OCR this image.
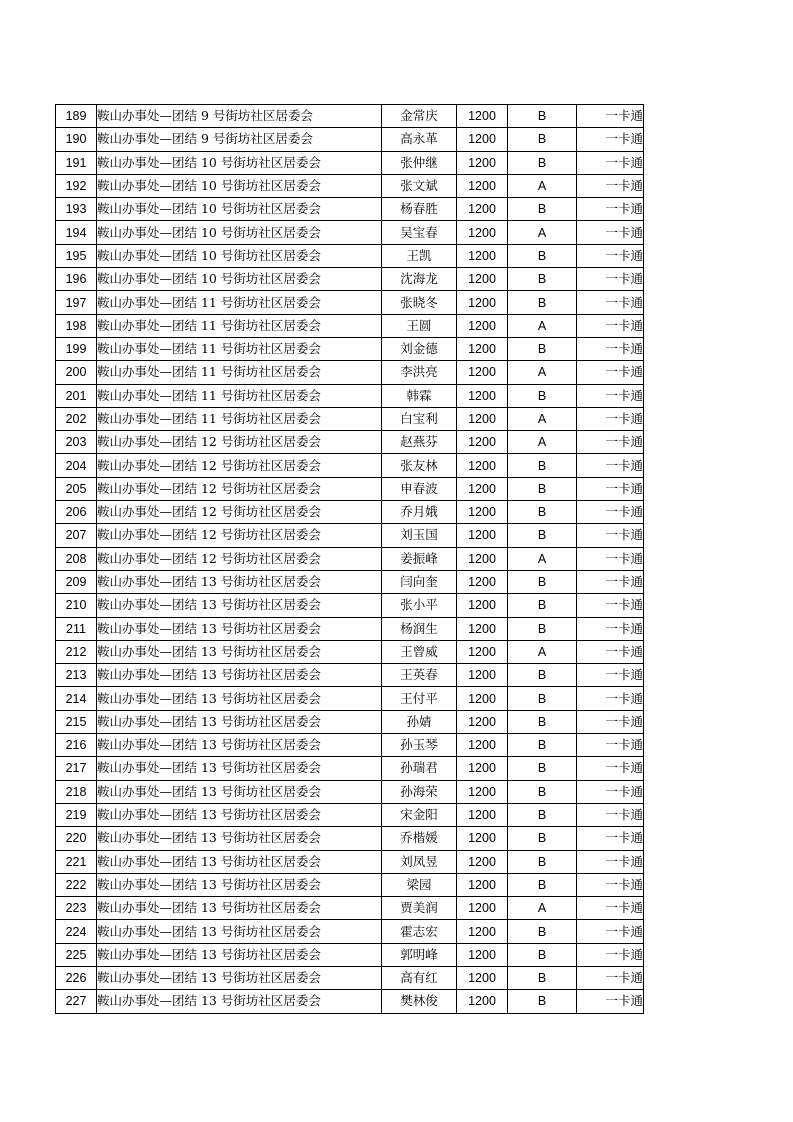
189	鞍山办事处—团结 9 号街坊社区居委会	金常庆	1200	B	一卡通
190	鞍山办事处—团结 9 号街坊社区居委会	高永革	1200	B	一卡通
191	鞍山办事处—团结 10 号街坊社区居委会	张仲继	1200	B	一卡通
192	鞍山办事处—团结 10 号街坊社区居委会	张文斌	1200	A	一卡通
193	鞍山办事处—团结 10 号街坊社区居委会	杨春胜	1200	B	一卡通
194	鞍山办事处—团结 10 号街坊社区居委会	吴宝春	1200	A	一卡通
195	鞍山办事处—团结 10 号街坊社区居委会	王凯	1200	B	一卡通
196	鞍山办事处—团结 10 号街坊社区居委会	沈海龙	1200	B	一卡通
197	鞍山办事处—团结 11 号街坊社区居委会	张晓冬	1200	B	一卡通
198	鞍山办事处—团结 11 号街坊社区居委会	王圆	1200	A	一卡通
199	鞍山办事处—团结 11 号街坊社区居委会	刘金德	1200	B	一卡通
200	鞍山办事处—团结 11 号街坊社区居委会	李洪亮	1200	A	一卡通
201	鞍山办事处—团结 11 号街坊社区居委会	韩霖	1200	B	一卡通
202	鞍山办事处—团结 11 号街坊社区居委会	白宝利	1200	A	一卡通
203	鞍山办事处—团结 12 号街坊社区居委会	赵燕芬	1200	A	一卡通
204	鞍山办事处—团结 12 号街坊社区居委会	张友林	1200	B	一卡通
205	鞍山办事处—团结 12 号街坊社区居委会	申春波	1200	B	一卡通
206	鞍山办事处—团结 12 号街坊社区居委会	乔月娥	1200	B	一卡通
207	鞍山办事处—团结 12 号街坊社区居委会	刘玉国	1200	B	一卡通
208	鞍山办事处—团结 12 号街坊社区居委会	姜振峰	1200	A	一卡通
209	鞍山办事处—团结 13 号街坊社区居委会	闫向奎	1200	B	一卡通
210	鞍山办事处—团结 13 号街坊社区居委会	张小平	1200	B	一卡通
211	鞍山办事处—团结 13 号街坊社区居委会	杨润生	1200	B	一卡通
212	鞍山办事处—团结 13 号街坊社区居委会	王曾威	1200	A	一卡通
213	鞍山办事处—团结 13 号街坊社区居委会	王英春	1200	B	一卡通
214	鞍山办事处—团结 13 号街坊社区居委会	王付平	1200	B	一卡通
215	鞍山办事处—团结 13 号街坊社区居委会	孙婧	1200	B	一卡通
216	鞍山办事处—团结 13 号街坊社区居委会	孙玉琴	1200	B	一卡通
217	鞍山办事处—团结 13 号街坊社区居委会	孙瑞君	1200	B	一卡通
218	鞍山办事处—团结 13 号街坊社区居委会	孙海荣	1200	B	一卡通
219	鞍山办事处—团结 13 号街坊社区居委会	宋金阳	1200	B	一卡通
220	鞍山办事处—团结 13 号街坊社区居委会	乔楷媛	1200	B	一卡通
221	鞍山办事处—团结 13 号街坊社区居委会	刘凤昱	1200	B	一卡通
222	鞍山办事处—团结 13 号街坊社区居委会	梁园	1200	B	一卡通
223	鞍山办事处—团结 13 号街坊社区居委会	贾美润	1200	A	一卡通
224	鞍山办事处—团结 13 号街坊社区居委会	霍志宏	1200	B	一卡通
225	鞍山办事处—团结 13 号街坊社区居委会	郭明峰	1200	B	一卡通
226	鞍山办事处—团结 13 号街坊社区居委会	高有红	1200	B	一卡通
227	鞍山办事处—团结 13 号街坊社区居委会	樊林俊	1200	B	一卡通
